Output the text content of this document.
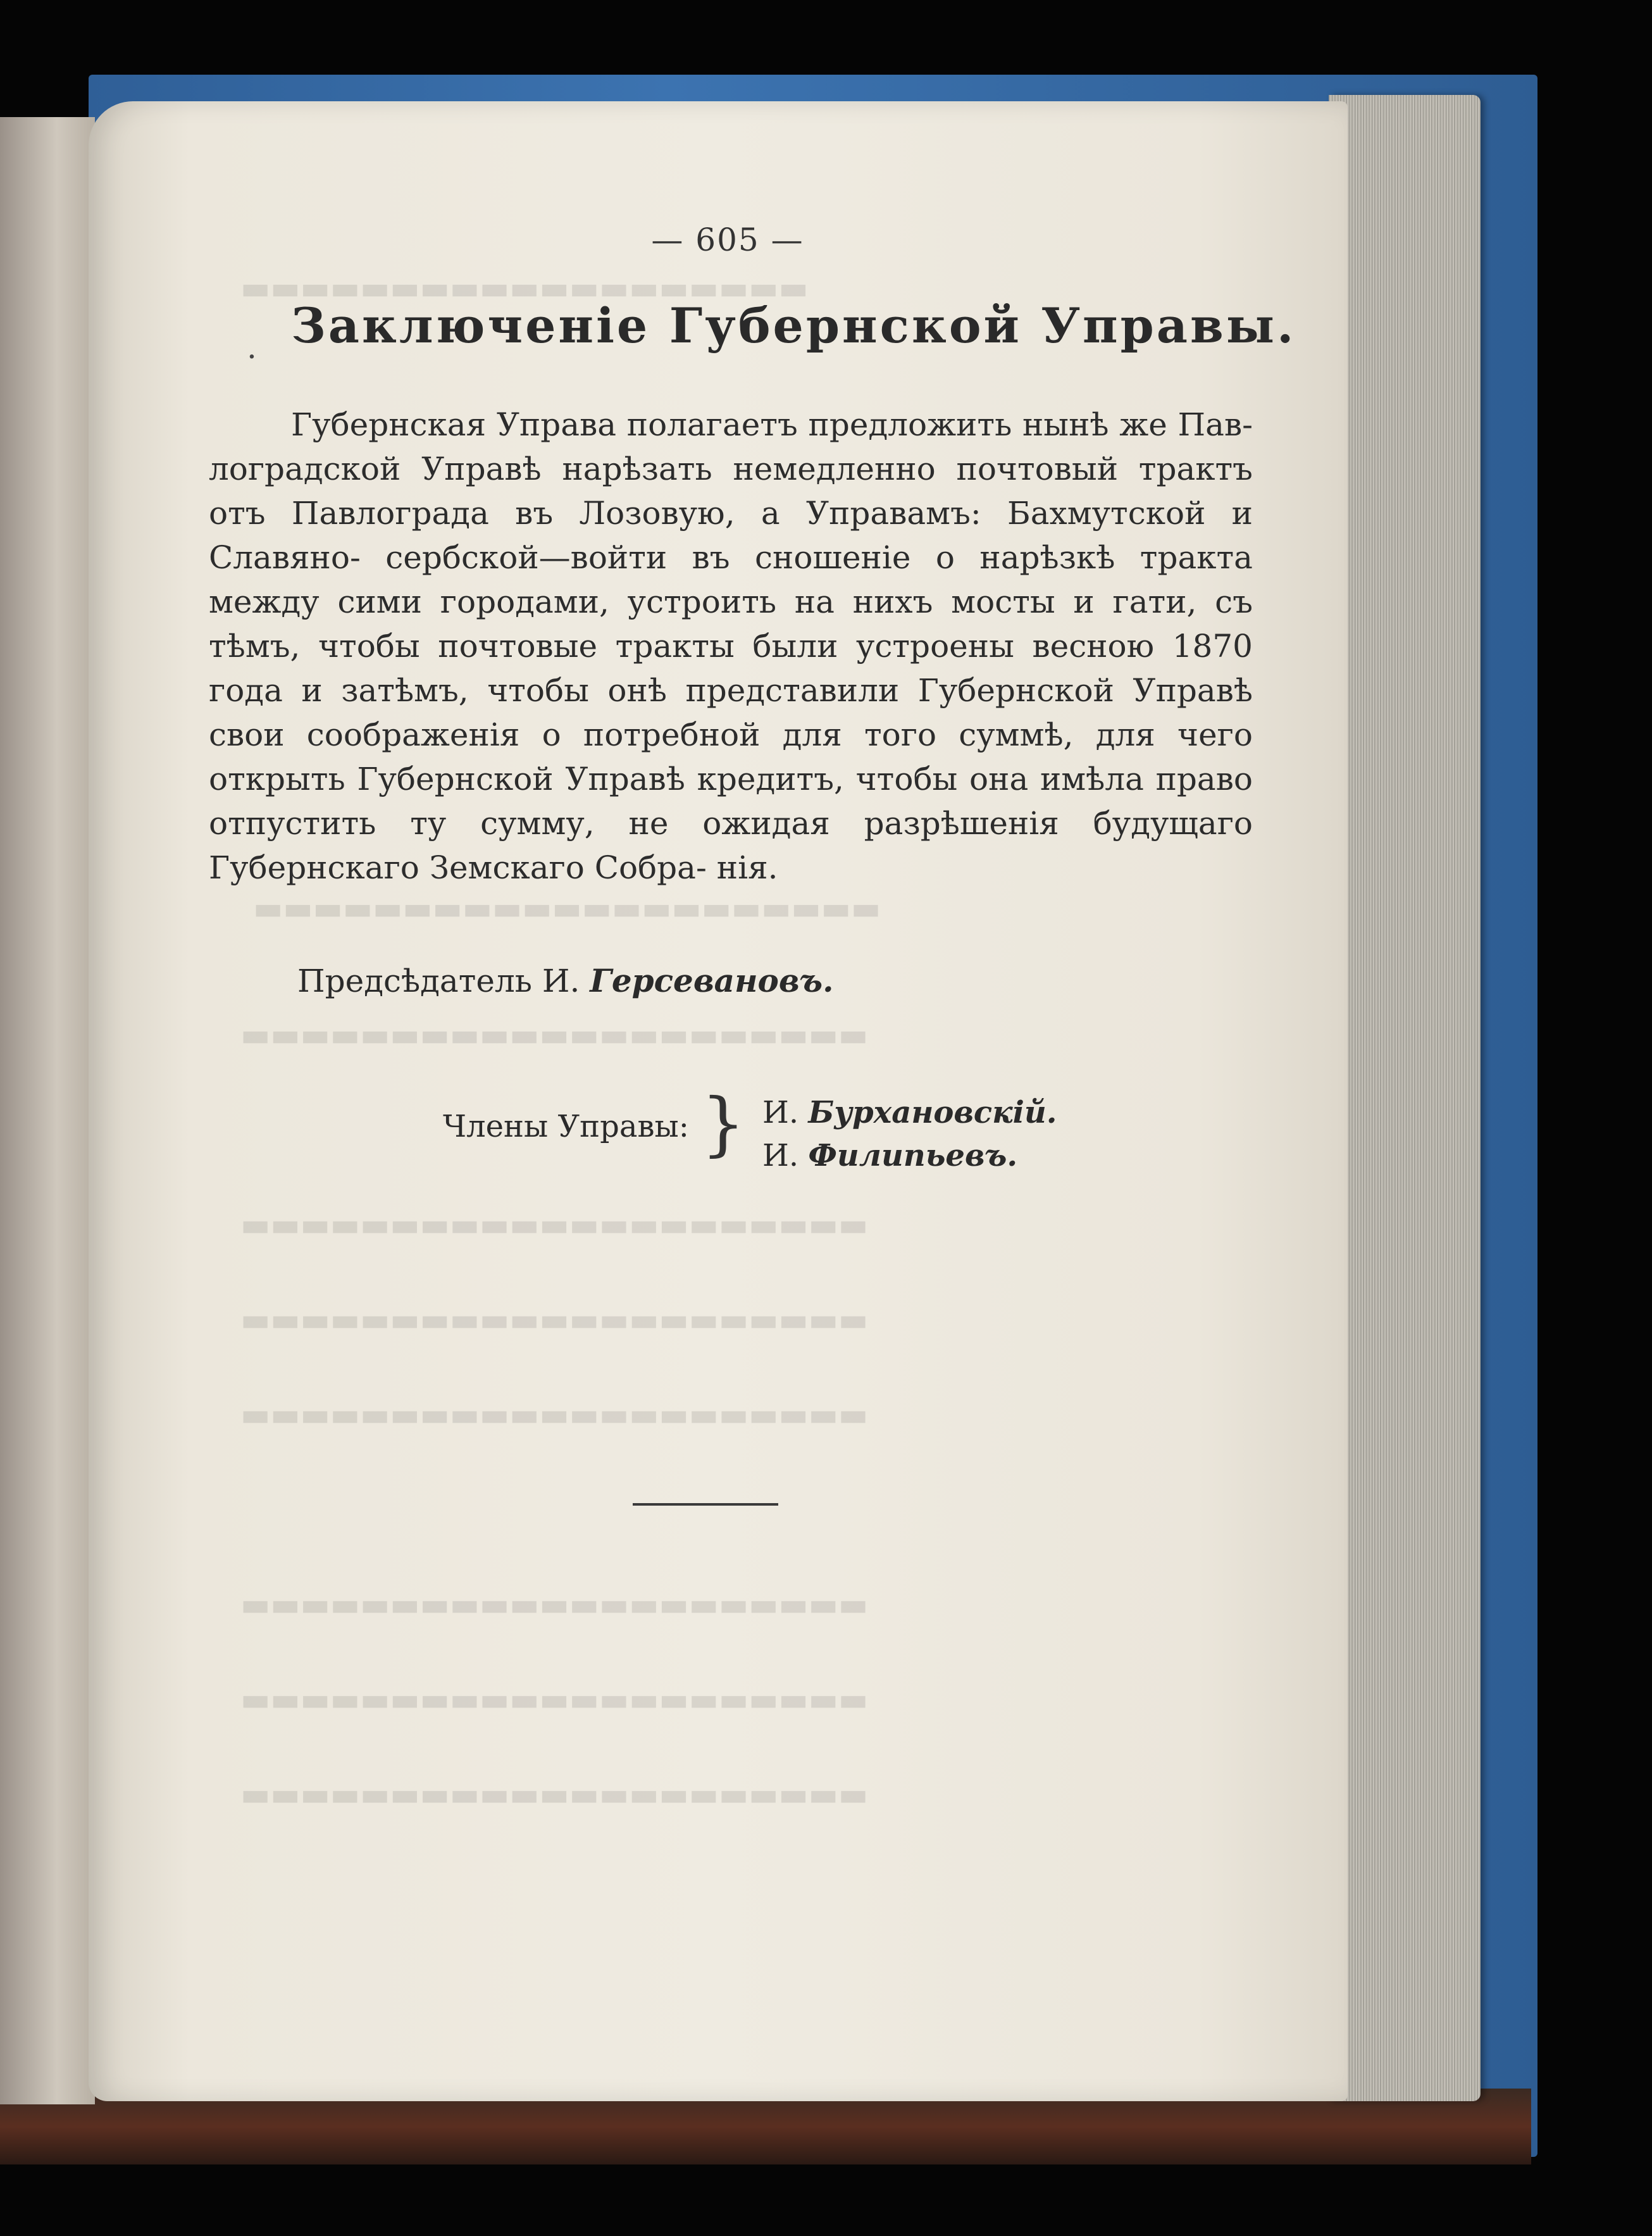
▬▬▬▬▬▬▬▬▬▬▬▬▬▬▬▬▬▬▬
▬▬▬▬▬▬▬▬▬▬▬▬▬▬▬▬▬▬▬▬▬
▬▬▬▬▬▬▬▬▬▬▬▬▬▬▬▬▬▬▬▬▬
▬▬▬▬▬▬▬▬▬▬▬▬▬▬▬▬▬▬▬▬▬
▬▬▬▬▬▬▬▬▬▬▬▬▬▬▬▬▬▬▬▬▬
▬▬▬▬▬▬▬▬▬▬▬▬▬▬▬▬▬▬▬▬▬
▬▬▬▬▬▬▬▬▬▬▬▬▬▬▬▬▬▬▬▬▬
▬▬▬▬▬▬▬▬▬▬▬▬▬▬▬▬▬▬▬▬▬
▬▬▬▬▬▬▬▬▬▬▬▬▬▬▬▬▬▬▬▬▬
— 605 —
. Заключенiе Губернской Управы.

Губернская Управа полагаетъ предложить нынѣ же Пав- лоградской Управѣ нарѣзать немедленно почтовый трактъ отъ Павлограда въ Лозовую, а Управамъ: Бахмутской и Славяно- сербской—войти въ сношенiе о нарѣзкѣ тракта между сими городами, устроить на нихъ мосты и гати, съ тѣмъ, чтобы почтовые тракты были устроены весною 1870 года и затѣмъ, чтобы онѣ представили Губернской Управѣ свои соображенiя о потребной для того суммѣ, для чего открыть Губернской Управѣ кредитъ, чтобы она имѣла право отпустить ту сумму, не ожидая разрѣшенiя будущаго Губернскаго Земскаго Собра- нiя.

Предсѣдатель И. Герсевановъ.
Члены Управы: } И. Бурхановскiй.
И. Филипьевъ.
